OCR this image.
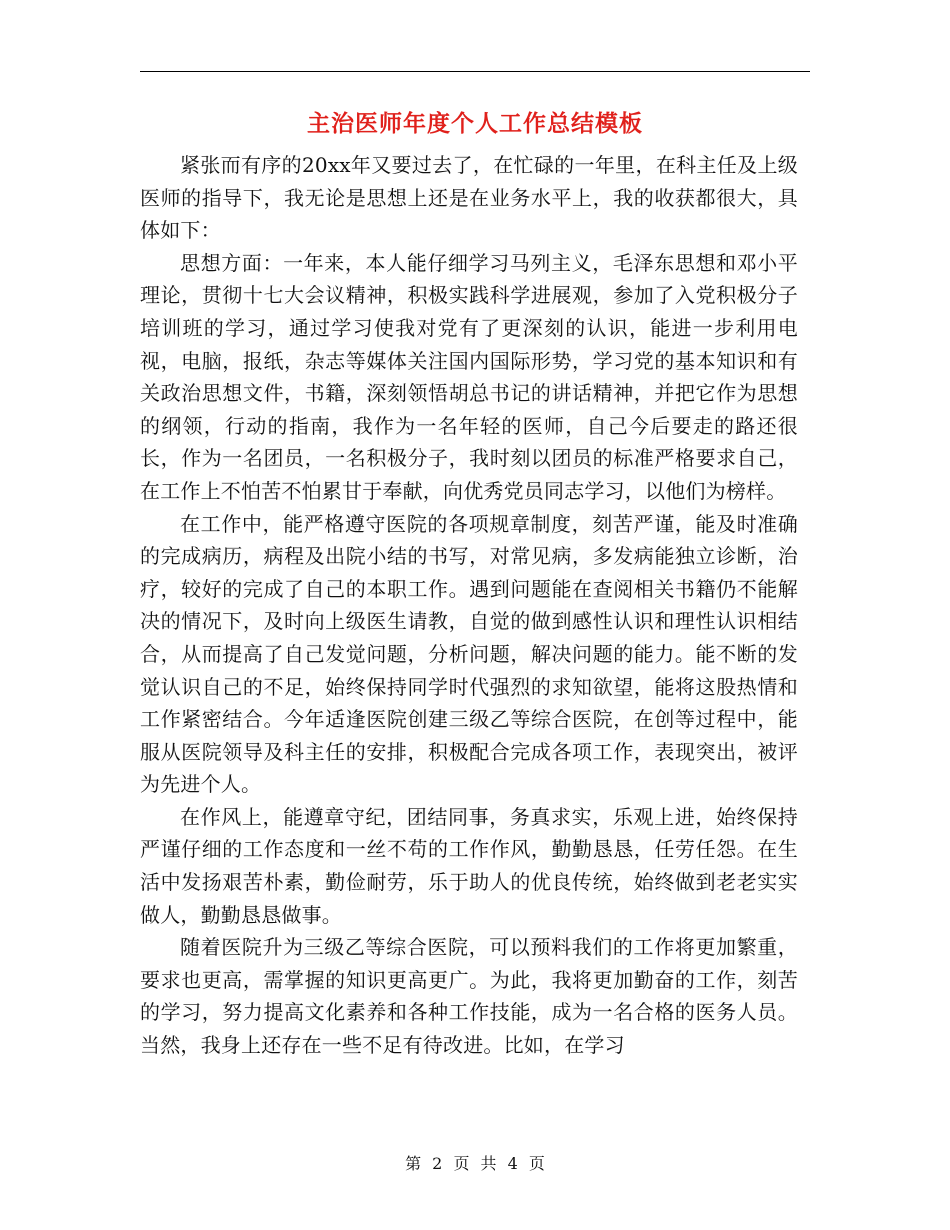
主治医师年度个人工作总结模板

紧张而有序的20xx年又要过去了，在忙碌的一年里，在科主任及上级医师的指导下，我无论是思想上还是在业务水平上，我的收获都很大，具体如下：

思想方面：一年来，本人能仔细学习马列主义，毛泽东思想和邓小平理论，贯彻十七大会议精神，积极实践科学进展观，参加了入党积极分子培训班的学习，通过学习使我对党有了更深刻的认识，能进一步利用电视，电脑，报纸，杂志等媒体关注国内国际形势，学习党的基本知识和有关政治思想文件，书籍，深刻领悟胡总书记的讲话精神，并把它作为思想的纲领，行动的指南，我作为一名年轻的医师，自己今后要走的路还很长，作为一名团员，一名积极分子，我时刻以团员的标准严格要求自己，在工作上不怕苦不怕累甘于奉献，向优秀党员同志学习，以他们为榜样。

在工作中，能严格遵守医院的各项规章制度，刻苦严谨，能及时准确的完成病历，病程及出院小结的书写，对常见病，多发病能独立诊断，治疗，较好的完成了自己的本职工作。遇到问题能在查阅相关书籍仍不能解决的情况下，及时向上级医生请教，自觉的做到感性认识和理性认识相结合，从而提高了自己发觉问题，分析问题，解决问题的能力。能不断的发觉认识自己的不足，始终保持同学时代强烈的求知欲望，能将这股热情和工作紧密结合。今年适逢医院创建三级乙等综合医院，在创等过程中，能服从医院领导及科主任的安排，积极配合完成各项工作，表现突出，被评为先进个人。

在作风上，能遵章守纪，团结同事，务真求实，乐观上进，始终保持严谨仔细的工作态度和一丝不苟的工作作风，勤勤恳恳，任劳任怨。在生活中发扬艰苦朴素，勤俭耐劳，乐于助人的优良传统，始终做到老老实实做人，勤勤恳恳做事。

随着医院升为三级乙等综合医院，可以预料我们的工作将更加繁重，要求也更高，需掌握的知识更高更广。为此，我将更加勤奋的工作，刻苦的学习，努力提高文化素养和各种工作技能，成为一名合格的医务人员。当然，我身上还存在一些不足有待改进。比如，在学习

第 2 页 共 4 页
